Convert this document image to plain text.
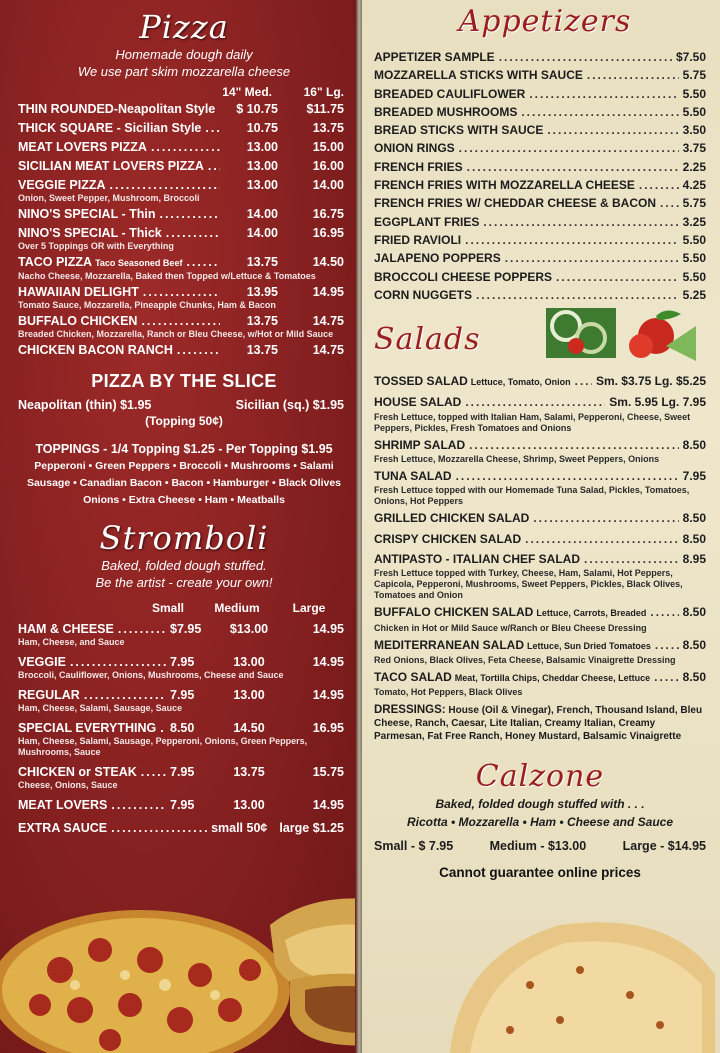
Pizza
Homemade dough daily
We use part skim mozzarella cheese
14" Med.	16" Lg.
THIN ROUNDED-Neapolitan Style .....	$ 10.75	$11.75
THICK SQUARE - Sicilian Style .....	10.75	13.75
MEAT LOVERS PIZZA .....	13.00	15.00
SICILIAN MEAT LOVERS PIZZA .....	13.00	16.00
VEGGIE PIZZA .....	13.00	14.00
Onion, Sweet Pepper, Mushroom, Broccoli
NINO'S SPECIAL - Thin .....	14.00	16.75
NINO'S SPECIAL - Thick .....	14.00	16.95
Over 5 Toppings OR with Everything
TACO PIZZA Taco Seasoned Beef .....	13.75	14.50
Nacho Cheese, Mozzarella, Baked then Topped w/Lettuce & Tomatoes
HAWAIIAN DELIGHT .....	13.95	14.95
Tomato Sauce, Mozzarella, Pineapple Chunks, Ham & Bacon
BUFFALO CHICKEN .....	13.75	14.75
Breaded Chicken, Mozzarella, Ranch or Bleu Cheese, w/Hot or Mild Sauce
CHICKEN BACON RANCH .....	13.75	14.75
PIZZA BY THE SLICE
Neapolitan (thin) $1.95	Sicilian (sq.) $1.95
(Topping 50¢)
TOPPINGS - 1/4 Topping $1.25 - Per Topping $1.95
Pepperoni • Green Peppers • Broccoli • Mushrooms • Salami
Sausage • Canadian Bacon • Bacon • Hamburger • Black Olives
Onions • Extra Cheese • Ham • Meatballs
Stromboli
Baked, folded dough stuffed.
Be the artist - create your own!
Small	Medium	Large
HAM & CHEESE .....	$7.95	$13.00	14.95
Ham, Cheese, and Sauce
VEGGIE .....	7.95	13.00	14.95
Broccoli, Cauliflower, Onions, Mushrooms, Cheese and Sauce
REGULAR .....	7.95	13.00	14.95
Ham, Cheese, Salami, Sausage, Sauce
SPECIAL EVERYTHING ..... 8.50	14.50	16.95
Ham, Cheese, Salami, Sausage, Pepperoni, Onions, Green Peppers, Mushrooms, Sauce
CHICKEN or STEAK .....	7.95	13.75	15.75
Cheese, Onions, Sauce
MEAT LOVERS .....	7.95	13.00	14.95
EXTRA SAUCE .....	small 50¢ large $1.25
Appetizers
APPETIZER SAMPLE .....	$7.50
MOZZARELLA STICKS WITH SAUCE .....	5.75
BREADED CAULIFLOWER .....	5.50
BREADED MUSHROOMS .....	5.50
BREAD STICKS WITH SAUCE .....	3.50
ONION RINGS .....	3.75
FRENCH FRIES .....	2.25
FRENCH FRIES WITH MOZZARELLA CHEESE .....	4.25
FRENCH FRIES W/ CHEDDAR CHEESE & BACON ..... 5.75
EGGPLANT FRIES .....	3.25
FRIED RAVIOLI .....	5.50
JALAPENO POPPERS .....	5.50
BROCCOLI CHEESE POPPERS .....	5.50
CORN NUGGETS .....	5.25
Salads
TOSSED SALAD Lettuce, Tomato, Onion ..... Sm. $3.75 Lg. $5.25
HOUSE SALAD .....	Sm. 5.95 Lg. 7.95
Fresh Lettuce, topped with Italian Ham, Salami, Pepperoni, Cheese, Sweet Peppers, Pickles, Fresh Tomatoes and Onions
SHRIMP SALAD .....	8.50
Fresh Lettuce, Mozzarella Cheese, Shrimp, Sweet Peppers, Onions
TUNA SALAD .....	7.95
Fresh Lettuce topped with our Homemade Tuna Salad, Pickles, Tomatoes, Onions, Hot Peppers
GRILLED CHICKEN SALAD .....	8.50
CRISPY CHICKEN SALAD .....	8.50
ANTIPASTO - ITALIAN CHEF SALAD .....	8.95
Fresh Lettuce topped with Turkey, Cheese, Ham, Salami, Hot Peppers, Capicola, Pepperoni, Mushrooms, Sweet Peppers, Pickles, Black Olives, Tomatoes and Onion
BUFFALO CHICKEN SALAD Lettuce, Carrots, Breaded .....	8.50
Chicken in Hot or Mild Sauce w/Ranch or Bleu Cheese Dressing
MEDITERRANEAN SALAD Lettuce, Sun Dried Tomatoes .....	8.50
Red Onions, Black Olives, Feta Cheese, Balsamic Vinaigrette Dressing
TACO SALAD Meat, Tortilla Chips, Cheddar Cheese, Lettuce .....	8.50
Tomato, Hot Peppers, Black Olives
DRESSINGS: House (Oil & Vinegar), French, Thousand Island, Bleu Cheese, Ranch, Caesar, Lite Italian, Creamy Italian, Creamy Parmesan, Fat Free Ranch, Honey Mustard, Balsamic Vinaigrette
Calzone
Baked, folded dough stuffed with . . .
Ricotta • Mozzarella • Ham • Cheese and Sauce
Small - $ 7.95	Medium - $13.00	Large - $14.95
Cannot guarantee online prices
